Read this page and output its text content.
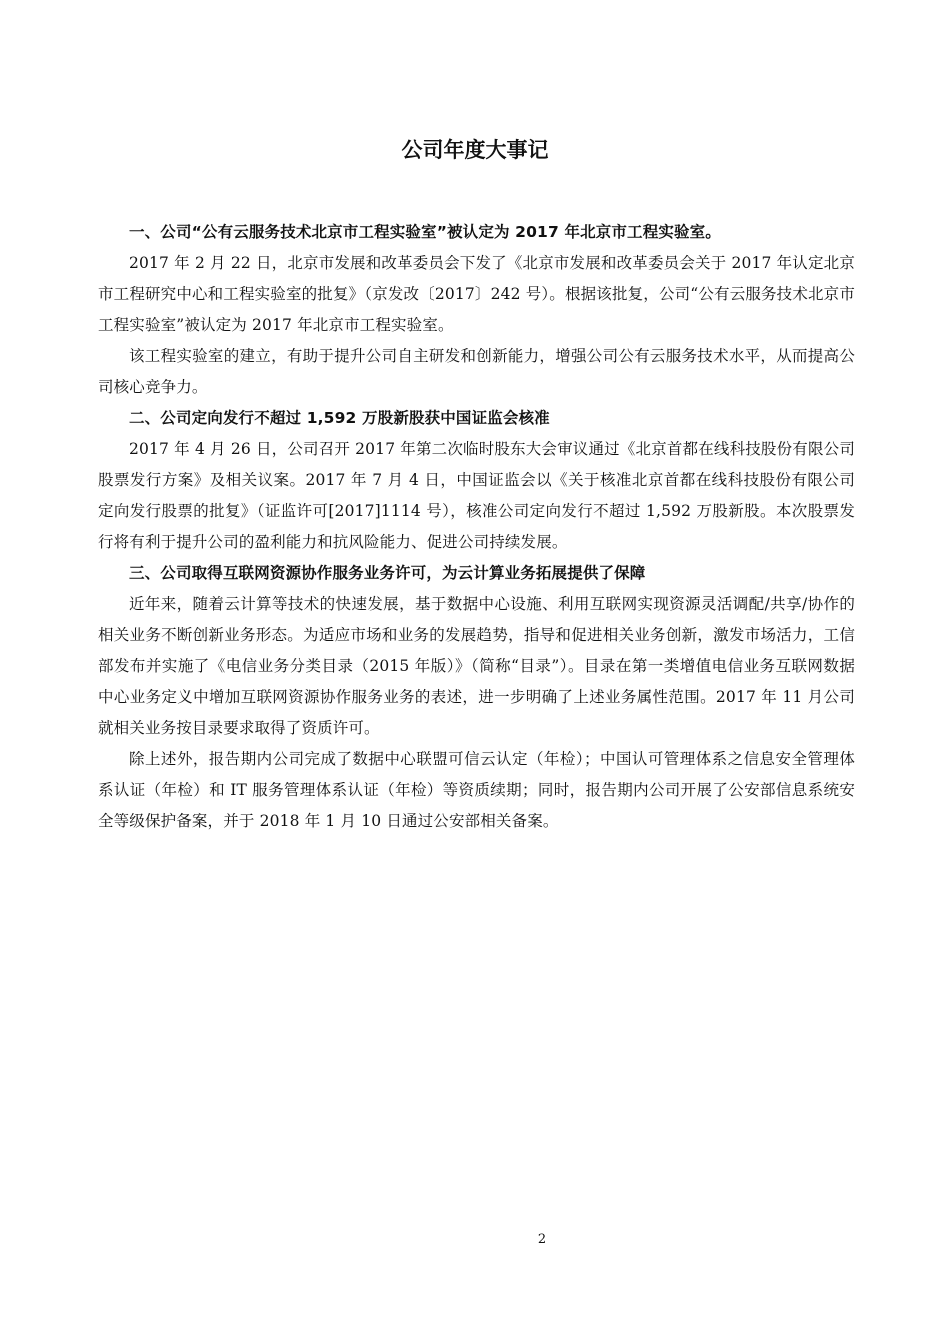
公司年度大事记
一、公司“公有云服务技术北京市工程实验室”被认定为 2017 年北京市工程实验室。

2017 年 2 月 22 日，北京市发展和改革委员会下发了《北京市发展和改革委员会关于 2017 年认定北京市工程研究中心和工程实验室的批复》（京发改〔2017〕242 号）。根据该批复，公司“公有云服务技术北京市工程实验室”被认定为 2017 年北京市工程实验室。

该工程实验室的建立，有助于提升公司自主研发和创新能力，增强公司公有云服务技术水平，从而提高公司核心竞争力。

二、公司定向发行不超过 1,592 万股新股获中国证监会核准

2017 年 4 月 26 日，公司召开 2017 年第二次临时股东大会审议通过《北京首都在线科技股份有限公司股票发行方案》及相关议案。2017 年 7 月 4 日，中国证监会以《关于核准北京首都在线科技股份有限公司定向发行股票的批复》（证监许可[2017]1114 号），核准公司定向发行不超过 1,592 万股新股。本次股票发行将有利于提升公司的盈利能力和抗风险能力、促进公司持续发展。

三、公司取得互联网资源协作服务业务许可，为云计算业务拓展提供了保障

近年来，随着云计算等技术的快速发展，基于数据中心设施、利用互联网实现资源灵活调配/共享/协作的相关业务不断创新业务形态。为适应市场和业务的发展趋势，指导和促进相关业务创新，激发市场活力，工信部发布并实施了《电信业务分类目录（2015 年版）》（简称“目录”）。目录在第一类增值电信业务互联网数据中心业务定义中增加互联网资源协作服务业务的表述，进一步明确了上述业务属性范围。2017 年 11 月公司就相关业务按目录要求取得了资质许可。

除上述外，报告期内公司完成了数据中心联盟可信云认定（年检）；中国认可管理体系之信息安全管理体系认证（年检）和 IT 服务管理体系认证（年检）等资质续期；同时，报告期内公司开展了公安部信息系统安全等级保护备案，并于 2018 年 1 月 10 日通过公安部相关备案。

2
